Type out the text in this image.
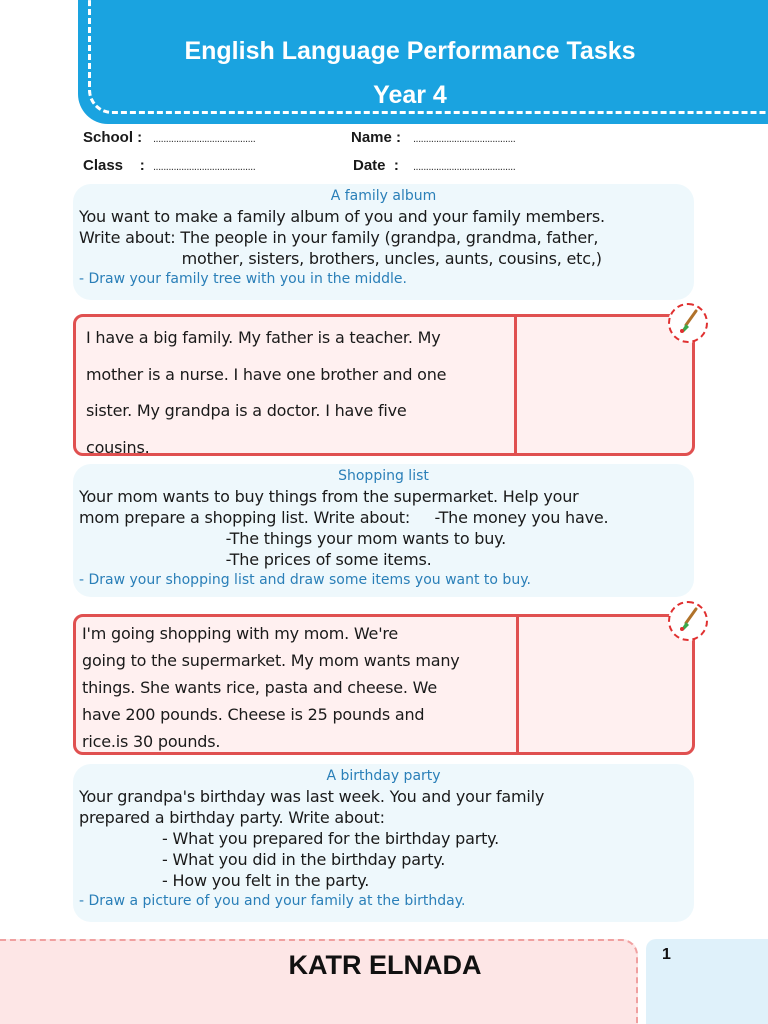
English Language Performance Tasks
Year 4
School : ........................................	Name : ........................................
Class    : ........................................	Date  : ........................................
A family album
You want to make a family album of you and your family members.
Write about: The people in your family (grandpa, grandma, father,
mother, sisters, brothers, uncles, aunts, cousins, etc,)
- Draw your family tree with you in the middle.
I have a big family. My father is a teacher. My
mother is a nurse. I have one brother and one
sister. My grandpa is a doctor. I have five
cousins.
Shopping list
Your mom wants to buy things from the supermarket. Help your
mom prepare a shopping list. Write about:     -The money you have.
-The things your mom wants to buy.
-The prices of some items.
- Draw your shopping list and draw some items you want to buy.
I'm going shopping with my mom. We're
going to the supermarket. My mom wants many
things. She wants rice, pasta and cheese. We
have 200 pounds. Cheese is 25 pounds and
rice.is 30 pounds.
A birthday party
Your grandpa's birthday was last week. You and your family
prepared a birthday party. Write about:
- What you prepared for the birthday party.
- What you did in the birthday party.
- How you felt in the party.
- Draw a picture of you and your family at the birthday.
KATR ELNADA	1
